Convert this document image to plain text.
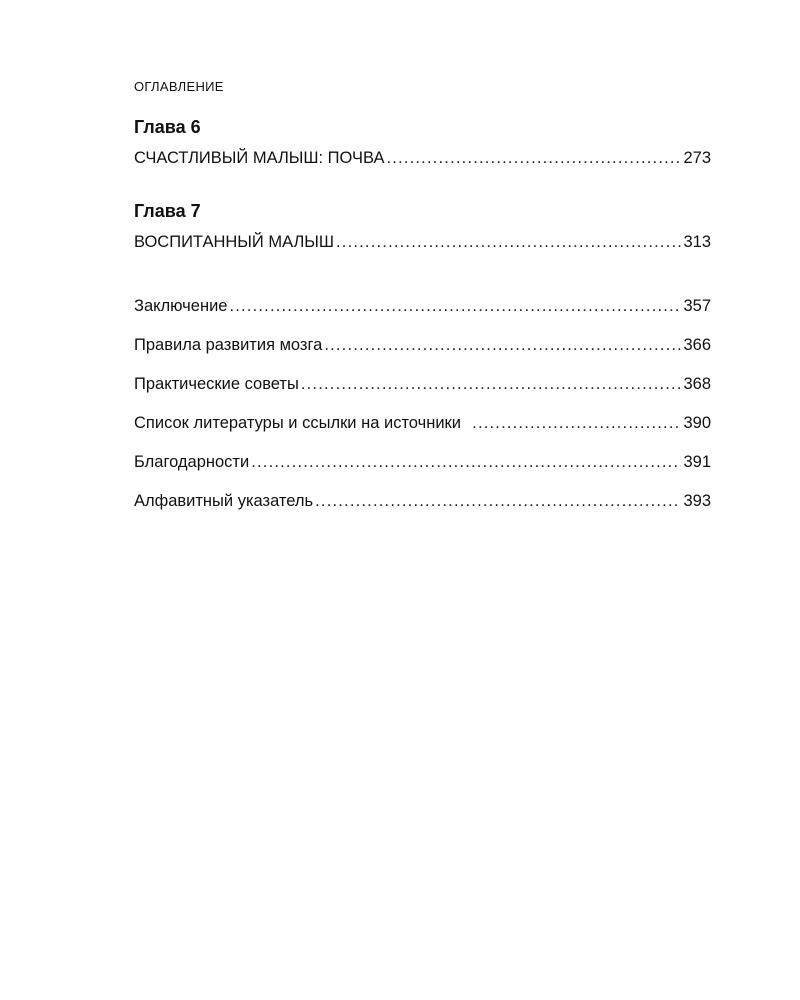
ОГЛАВЛЕНИЕ
Глава 6
СЧАСТЛИВЫЙ МАЛЫШ: ПОЧВА .....	273
Глава 7
ВОСПИТАННЫЙ МАЛЫШ .....	313
Заключение .....	357
Правила развития мозга .....	366
Практические советы .....	368
Список литературы и ссылки на источники .....	390
Благодарности .....	391
Алфавитный указатель .....	393
